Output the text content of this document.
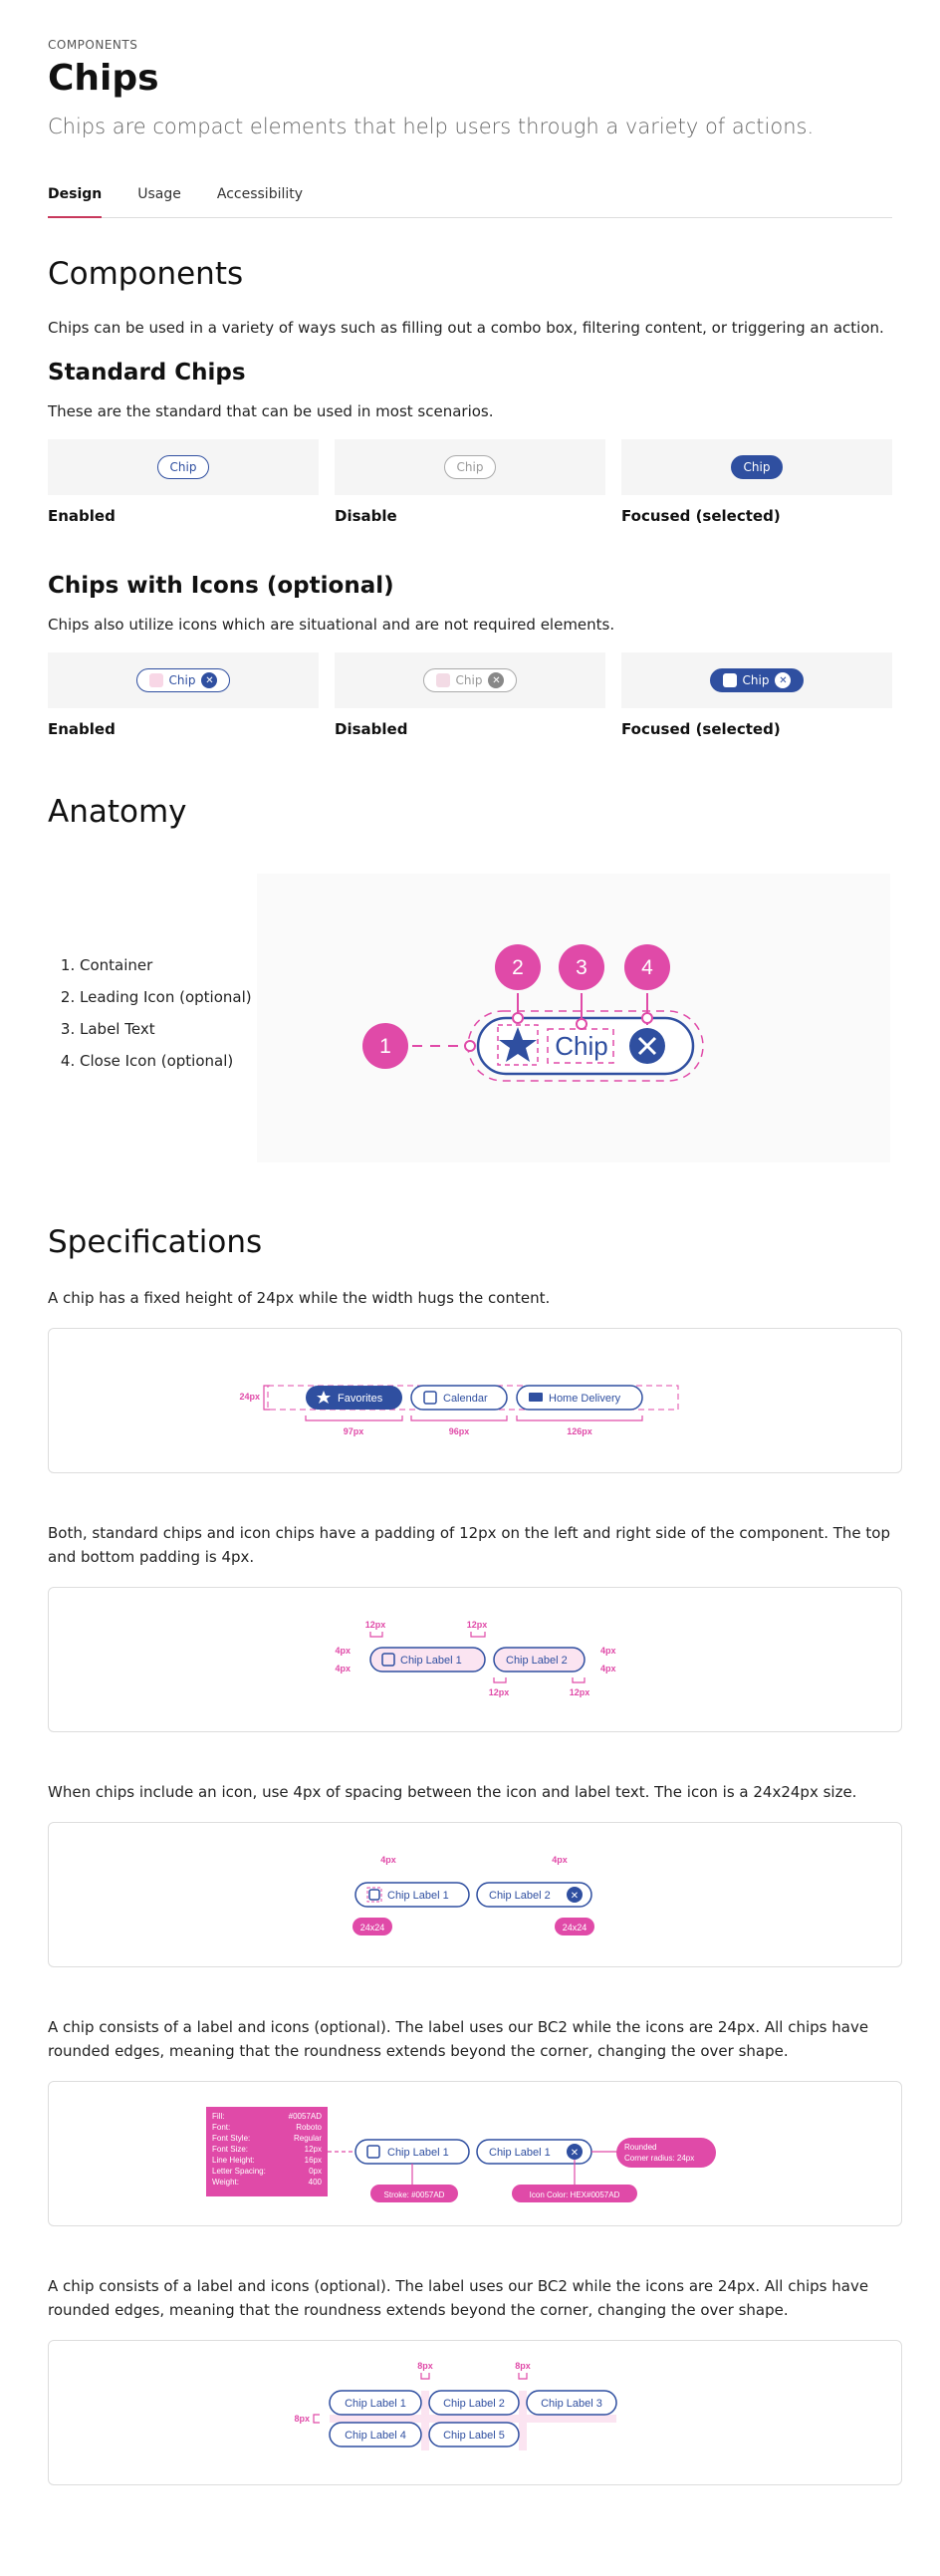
COMPONENTS
Chips

Chips are compact elements that help users through a variety of actions.

Design	Usage	Accessibility
Components

Chips can be used in a variety of ways such as filling out a combo box, filtering content, or triggering an action.

Standard Chips

These are the standard that can be used in most scenarios.

Chip
Enabled
Chip
Disable
Chip
Focused (selected)
Chips with Icons (optional)

Chips also utilize icons which are situational and are not required elements.

Chip ✕
Enabled
Chip ✕
Disabled
Chip ✕
Focused (selected)
Anatomy
1. Container
2. Leading Icon (optional)
3. Label Text
4. Close Icon (optional)
1
2
Chip
3	4
Specifications

A chip has a fixed height of 24px while the width hugs the content.

24px	Favorites	Calendar	Home Delivery
97px	96px	126px

Both, standard chips and icon chips have a padding of 12px on the left and right side of the component. The top and bottom padding is 4px.

Chip Label 1	Chip Label 2
12px	12px
4px
4px
4px
4px
12px	12px

When chips include an icon, use 4px of spacing between the icon and label text. The icon is a 24x24px size.

Chip Label 1
4px
Chip Label 2 ✕
4px
24x24	24x24

A chip consists of a label and icons (optional). The label uses our BC2 while the icons are 24px. All chips have rounded edges, meaning that the roundness extends beyond the corner, changing the over shape.

Fill:	#0057AD
Font:	Roboto
Font Style:	Regular
Font Size:	12px
Line Height:	16px
Letter Spacing:	0px
Weight:	400
Chip Label 1
Stroke: #0057AD
Chip Label 1 ✕
Icon Color: HEX#0057AD
Rounded
Corner radius: 24px

A chip consists of a label and icons (optional). The label uses our BC2 while the icons are 24px. All chips have rounded edges, meaning that the roundness extends beyond the corner, changing the over shape.

8px	8px
8px
Chip Label 1	Chip Label 2	Chip Label 3
Chip Label 4	Chip Label 5
